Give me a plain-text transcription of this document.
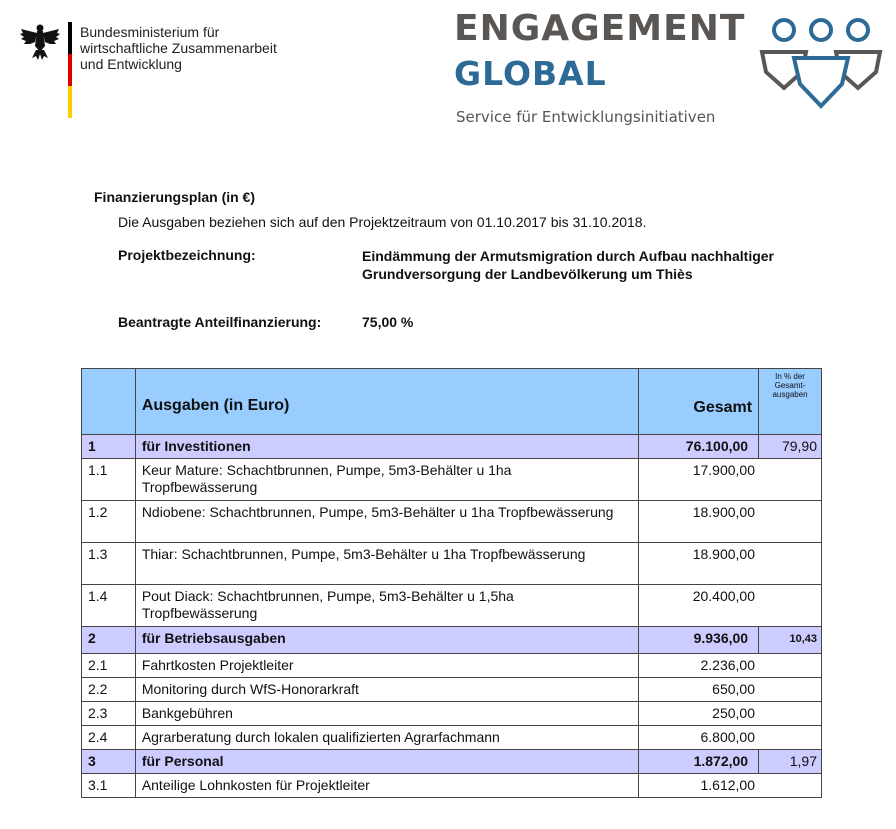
Bundesministerium für
wirtschaftliche Zusammenarbeit
und Entwicklung
ENGAGEMENT
GLOBAL
Service für Entwicklungsinitiativen
Finanzierungsplan (in €)
Die Ausgaben beziehen sich auf den Projektzeitraum von 01.10.2017 bis 31.10.2018.
Projektbezeichnung:	Eindämmung der Armutsmigration durch Aufbau nachhaltiger Grundversorgung der Landbevölkerung um Thiès
Beantragte Anteilfinanzierung:	75,00 %

	Ausgaben (in Euro)	Gesamt	In % der Gesamt-ausgaben

1	für Investitionen	76.100,00	79,90
1.1	Keur Mature: Schachtbrunnen, Pumpe, 5m3-Behälter u 1ha Tropfbewässerung	17.900,00	
1.2	Ndiobene: Schachtbrunnen, Pumpe, 5m3-Behälter u 1ha Tropfbewässerung	18.900,00	
1.3	Thiar: Schachtbrunnen, Pumpe, 5m3-Behälter u 1ha Tropfbewässerung	18.900,00	
1.4	Pout Diack: Schachtbrunnen, Pumpe, 5m3-Behälter u 1,5ha Tropfbewässerung	20.400,00	
2	für Betriebsausgaben	9.936,00	10,43
2.1	Fahrtkosten Projektleiter	2.236,00	
2.2	Monitoring durch WfS-Honorarkraft	650,00	
2.3	Bankgebühren	250,00	
2.4	Agrarberatung durch lokalen qualifizierten Agrarfachmann	6.800,00	
3	für Personal	1.872,00	1,97
3.1	Anteilige Lohnkosten für Projektleiter	1.612,00	
